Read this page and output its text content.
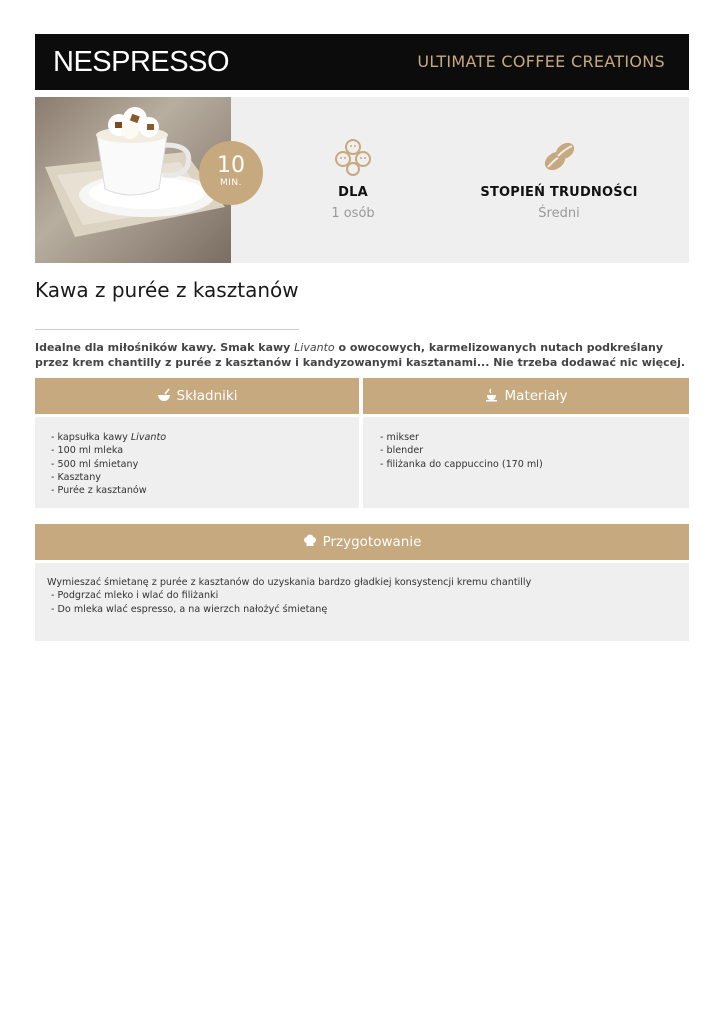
NESPRESSO	ULTIMATE COFFEE CREATIONS
10
MIN.
DLA
1 osób
STOPIEŃ TRUDNOŚCI
Średni
Kawa z purée z kasztanów

Idealne dla miłośników kawy. Smak kawy Livanto o owocowych, karmelizowanych nutach podkreślany przez krem chantilly z purée z kasztanów i kandyzowanymi kasztanami... Nie trzeba dodawać nic więcej.

Składniki
- kapsułka kawy Livanto
- 100 ml mleka
- 500 ml śmietany
- Kasztany
- Purée z kasztanów
Materiały
- mikser
- blender
- filiżanka do cappuccino (170 ml)
Przygotowanie
Wymieszać śmietanę z purée z kasztanów do uzyskania bardzo gładkiej konsystencji kremu chantilly
- Podgrzać mleko i wlać do filiżanki
- Do mleka wlać espresso, a na wierzch nałożyć śmietanę
